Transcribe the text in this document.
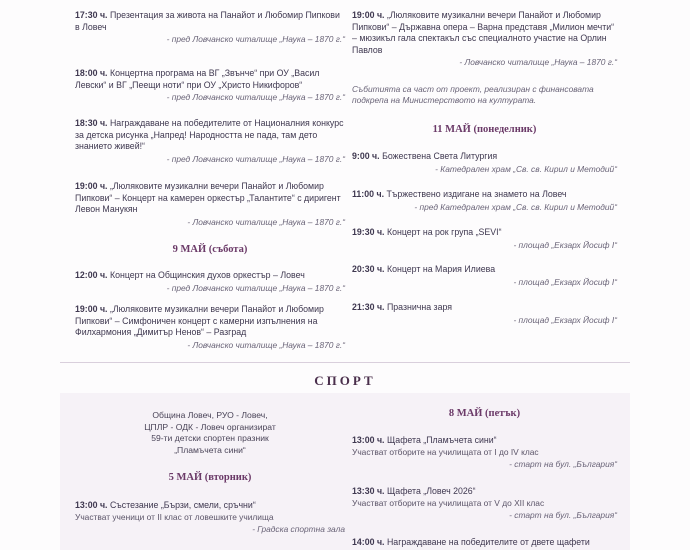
17:30 ч. Презентация за живота на Панайот и Любомир Пипкови в Ловеч
- пред Ловчанско читалище „Наука – 1870 г.“
18:00 ч. Концертна програма на ВГ „Звънче“ при ОУ „Васил Левски“ и ВГ „Пеещи ноти“ при ОУ „Христо Никифоров“
- пред Ловчанско читалище „Наука – 1870 г.“
18:30 ч. Награждаване на победителите от Националния конкурс за детска рисунка „Напред! Народността не пада, там дето знанието живей!“
- пред Ловчанско читалище „Наука – 1870 г.“
19:00 ч. „Люляковите музикални вечери Панайот и Любомир Пипкови“ – Концерт на камерен оркестър „Талантите“ с диригент Левон Манукян
- Ловчанско читалище „Наука – 1870 г.“
9 МАЙ (събота)
12:00 ч. Концерт на Общинския духов оркестър – Ловеч
- пред Ловчанско читалище „Наука – 1870 г.“
19:00 ч. „Люляковите музикални вечери Панайот и Любомир Пипкови“ – Симфоничен концерт с камерни изпълнения на Филхармония „Димитър Ненов“ – Разград
- Ловчанско читалище „Наука – 1870 г.“
19:00 ч. „Люляковите музикални вечери Панайот и Любомир Пипкови“ – Държавна опера – Варна представя „Милион мечти“ – мюзикъл гала спектакъл със специалното участие на Орлин Павлов
- Ловчанско читалище „Наука – 1870 г.“
Събитията са част от проект, реализиран с финансовата подкрепа на Министерството на културата.
11 МАЙ (понеделник)
9:00 ч. Божествена Света Литургия
- Катедрален храм „Св. св. Кирил и Методий“
11:00 ч. Тържествено издигане на знамето на Ловеч
- пред Катедрален храм „Св. св. Кирил и Методий“
19:30 ч. Концерт на рок група „SEVI“
- площад „Екзарх Йосиф I“
20:30 ч. Концерт на Мария Илиева
- площад „Екзарх Йосиф I“
21:30 ч. Празнична заря
- площад „Екзарх Йосиф I“
СПОРТ
Община Ловеч, РУО - Ловеч,
ЦПЛР - ОДК - Ловеч организират
59-ти детски спортен празник
„Пламъчета сини“
5 МАЙ (вторник)
13:00 ч. Състезание „Бързи, смели, сръчни“
Участват ученици от II клас от ловешките училища
- Градска спортна зала
8 МАЙ (петък)
13:00 ч. Щафета „Пламъчета сини“
Участват отборите на училищата от I до IV клас
- старт на бул. „България“
13:30 ч. Щафета „Ловеч 2026“
Участват отборите на училищата от V до XII клас
- старт на бул. „България“
14:00 ч. Награждаване на победителите от двете щафети
